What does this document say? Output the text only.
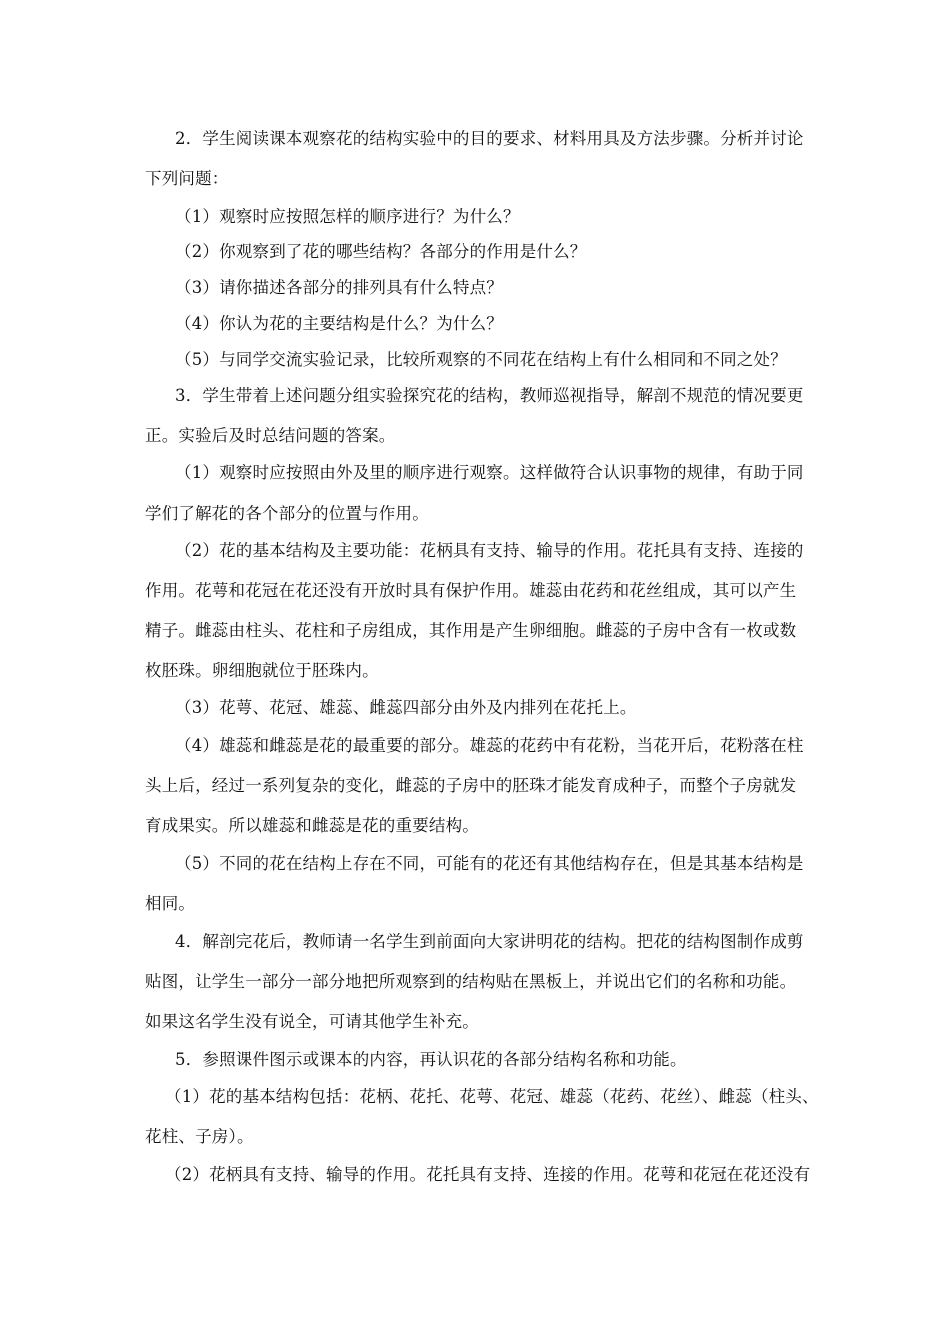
2．学生阅读课本观察花的结构实验中的目的要求、材料用具及方法步骤。分析并讨论
下列问题：
（1）观察时应按照怎样的顺序进行？为什么？
（2）你观察到了花的哪些结构？各部分的作用是什么？
（3）请你描述各部分的排列具有什么特点？
（4）你认为花的主要结构是什么？为什么？
（5）与同学交流实验记录，比较所观察的不同花在结构上有什么相同和不同之处？
3．学生带着上述问题分组实验探究花的结构，教师巡视指导，解剖不规范的情况要更
正。实验后及时总结问题的答案。
（1）观察时应按照由外及里的顺序进行观察。这样做符合认识事物的规律，有助于同
学们了解花的各个部分的位置与作用。
（2）花的基本结构及主要功能：花柄具有支持、输导的作用。花托具有支持、连接的
作用。花萼和花冠在花还没有开放时具有保护作用。雄蕊由花药和花丝组成，其可以产生
精子。雌蕊由柱头、花柱和子房组成，其作用是产生卵细胞。雌蕊的子房中含有一枚或数
枚胚珠。卵细胞就位于胚珠内。
（3）花萼、花冠、雄蕊、雌蕊四部分由外及内排列在花托上。
（4）雄蕊和雌蕊是花的最重要的部分。雄蕊的花药中有花粉，当花开后，花粉落在柱
头上后，经过一系列复杂的变化，雌蕊的子房中的胚珠才能发育成种子，而整个子房就发
育成果实。所以雄蕊和雌蕊是花的重要结构。
（5）不同的花在结构上存在不同，可能有的花还有其他结构存在，但是其基本结构是
相同。
4．解剖完花后，教师请一名学生到前面向大家讲明花的结构。把花的结构图制作成剪
贴图，让学生一部分一部分地把所观察到的结构贴在黑板上，并说出它们的名称和功能。
如果这名学生没有说全，可请其他学生补充。
5．参照课件图示或课本的内容，再认识花的各部分结构名称和功能。
（1）花的基本结构包括：花柄、花托、花萼、花冠、雄蕊（花药、花丝）、雌蕊（柱头、
花柱、子房）。
（2）花柄具有支持、输导的作用。花托具有支持、连接的作用。花萼和花冠在花还没有
